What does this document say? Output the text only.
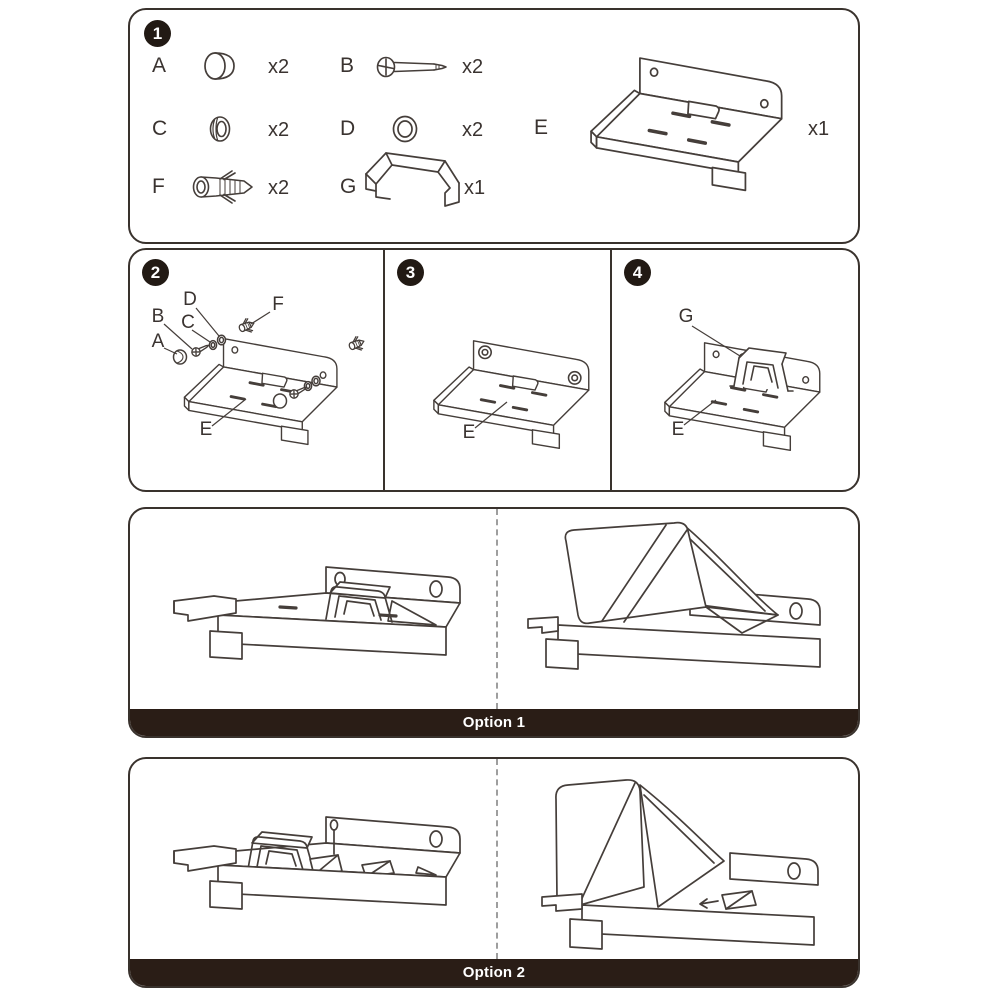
1
A	x2 B	x2
C	x2 D	x2
F	x2 G	x1
E	x1
2
D	F
B C
A
E
3
E
4
G
E
Option 1
Option 2
